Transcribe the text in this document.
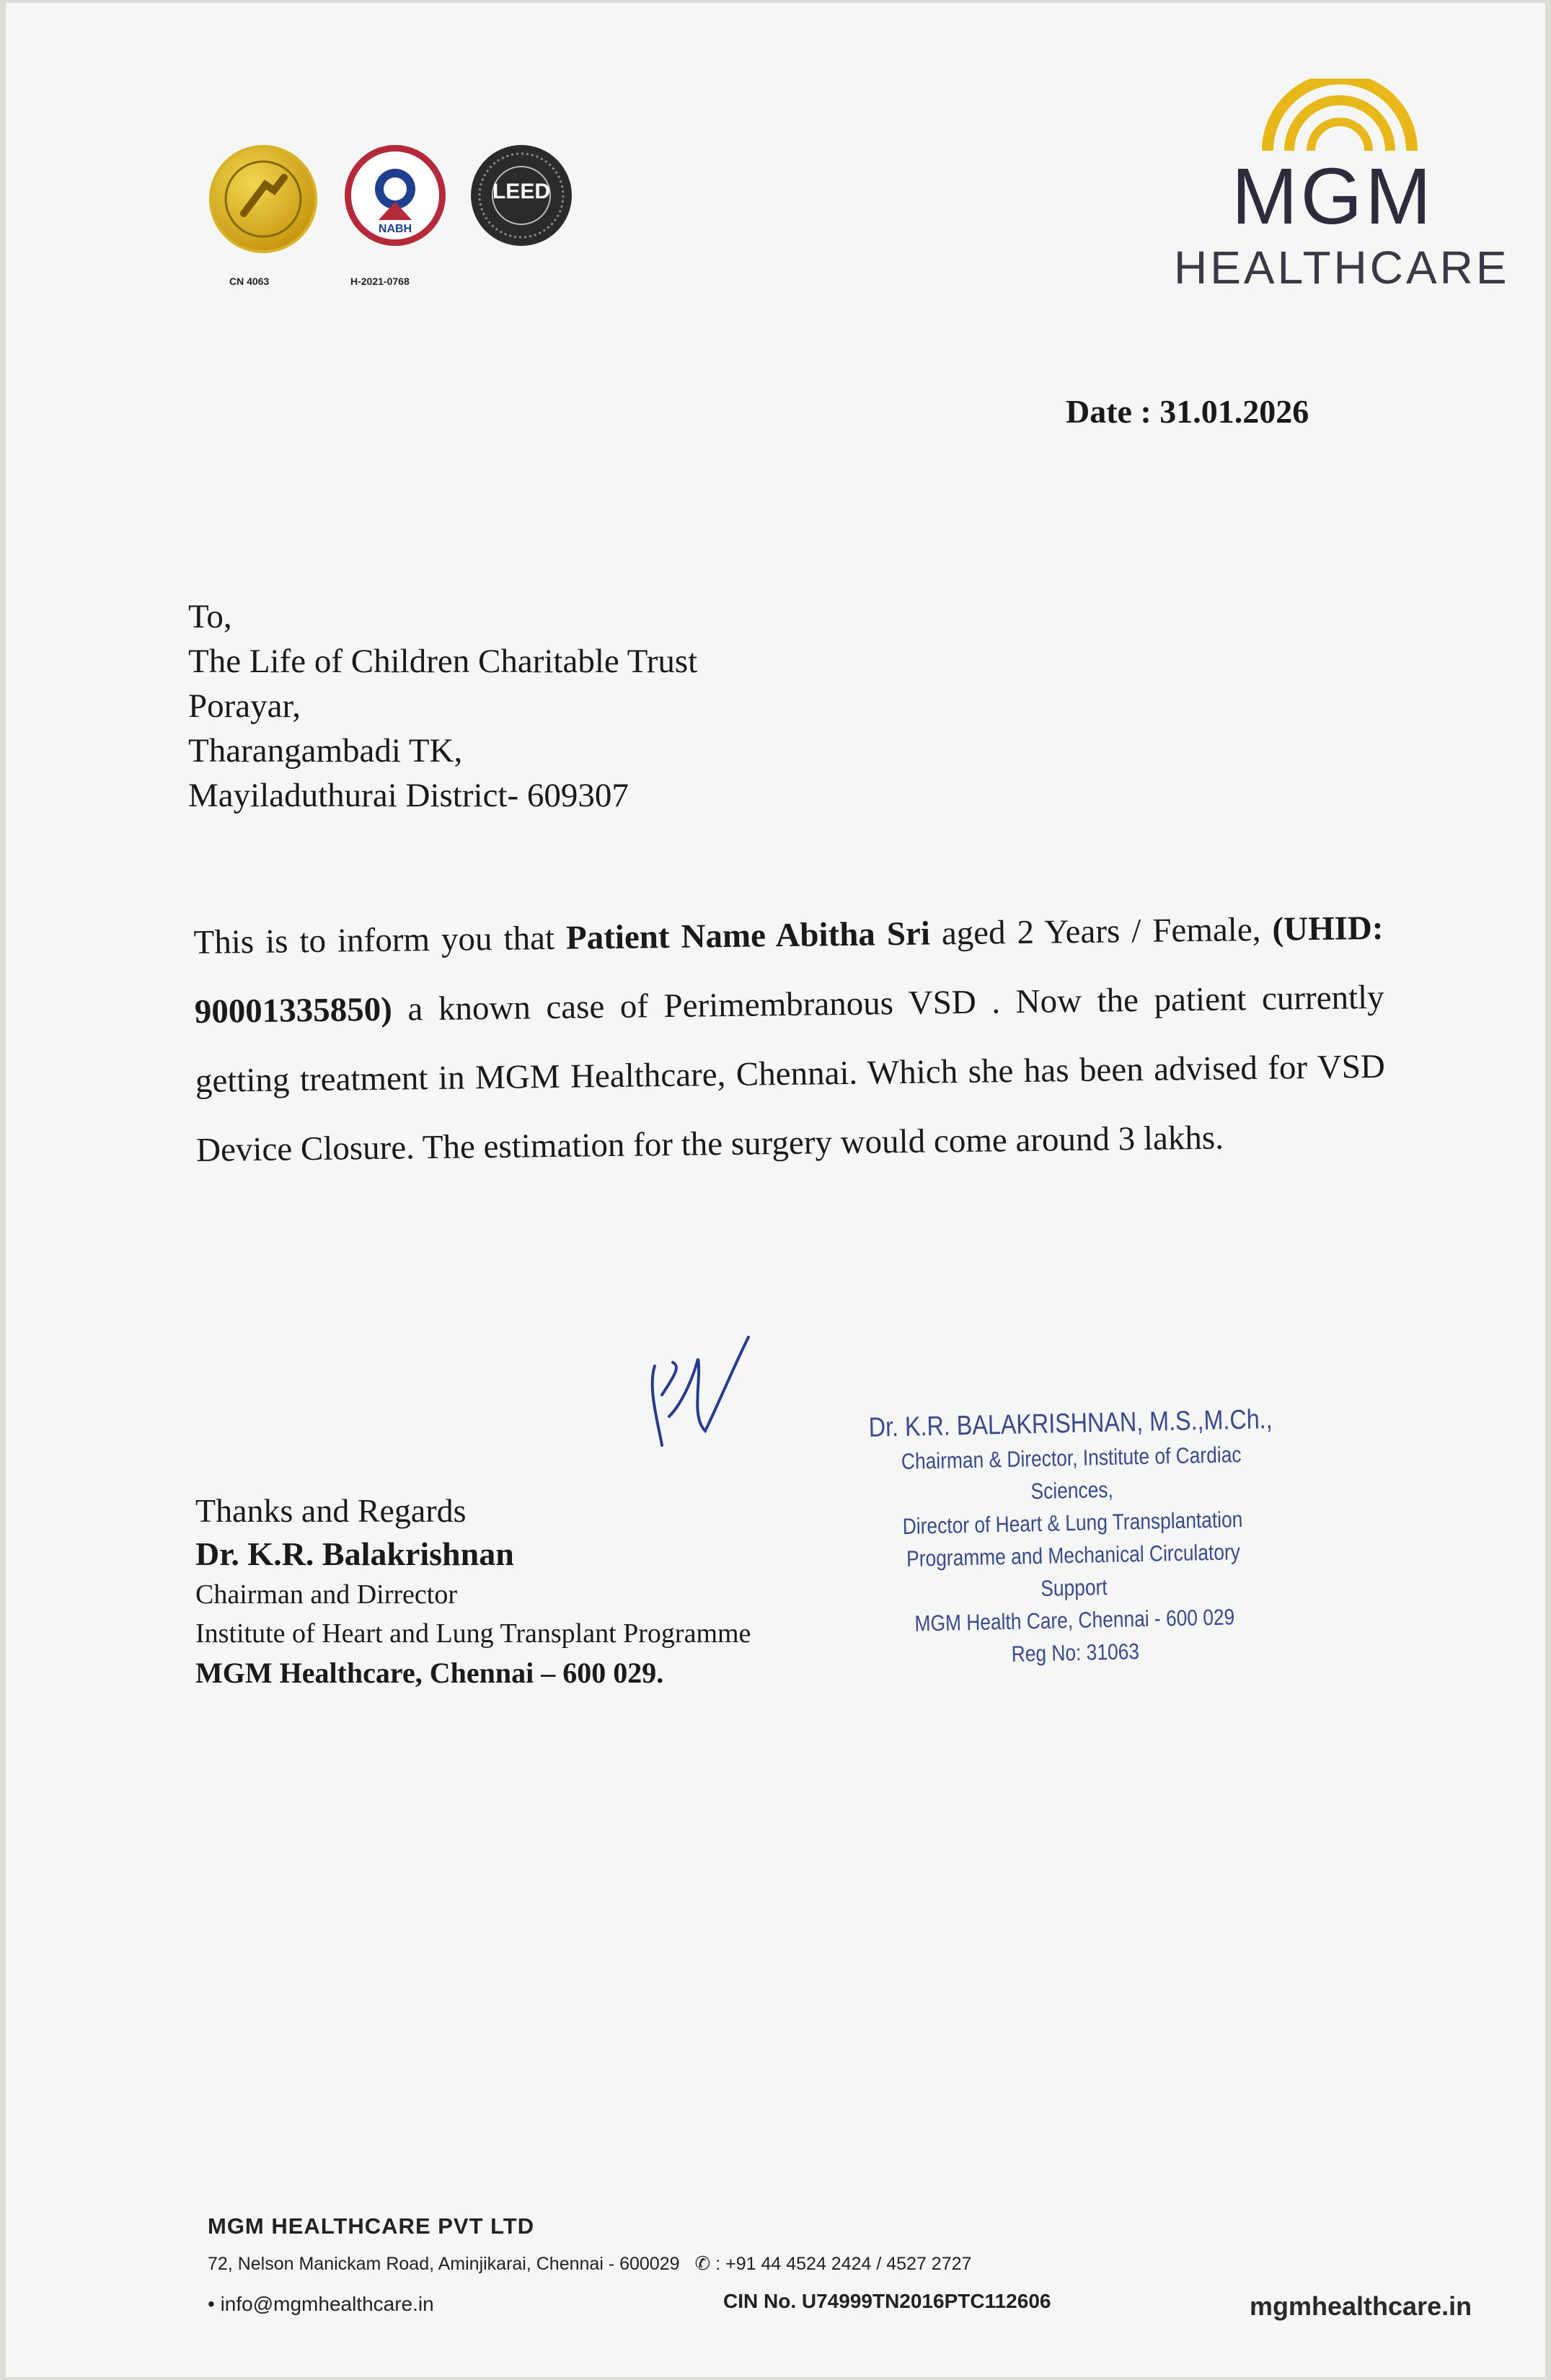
CN 4063
NABH
H-2021-0768
LEED	MGM
HEALTHCARE
Date : 31.01.2026
To,
The Life of Children Charitable Trust
Porayar,
Tharangambadi TK,
Mayiladuthurai District- 609307
This is to inform you that Patient Name Abitha Sri aged 2 Years / Female, (UHID: 90001335850) a known case of Perimembranous VSD . Now the patient currently getting treatment in MGM Healthcare, Chennai. Which she has been advised for VSD Device Closure. The estimation for the surgery would come around 3 lakhs.
Dr. K.R. BALAKRISHNAN, M.S.,M.Ch.,
Chairman & Director, Institute of Cardiac Sciences,
Director of Heart & Lung Transplantation
Programme and Mechanical Circulatory Support
MGM Health Care, Chennai - 600 029
Reg No: 31063
Thanks and Regards
Dr. K.R. Balakrishnan
Chairman and Dirrector
Institute of Heart and Lung Transplant Programme
MGM Healthcare, Chennai – 600 029.
MGM HEALTHCARE PVT LTD
72, Nelson Manickam Road, Aminjikarai, Chennai - 600029 ✆ : +91 44 4524 2424 / 4527 2727
• info@mgmhealthcare.in	CIN No. U74999TN2016PTC112606	mgmhealthcare.in
